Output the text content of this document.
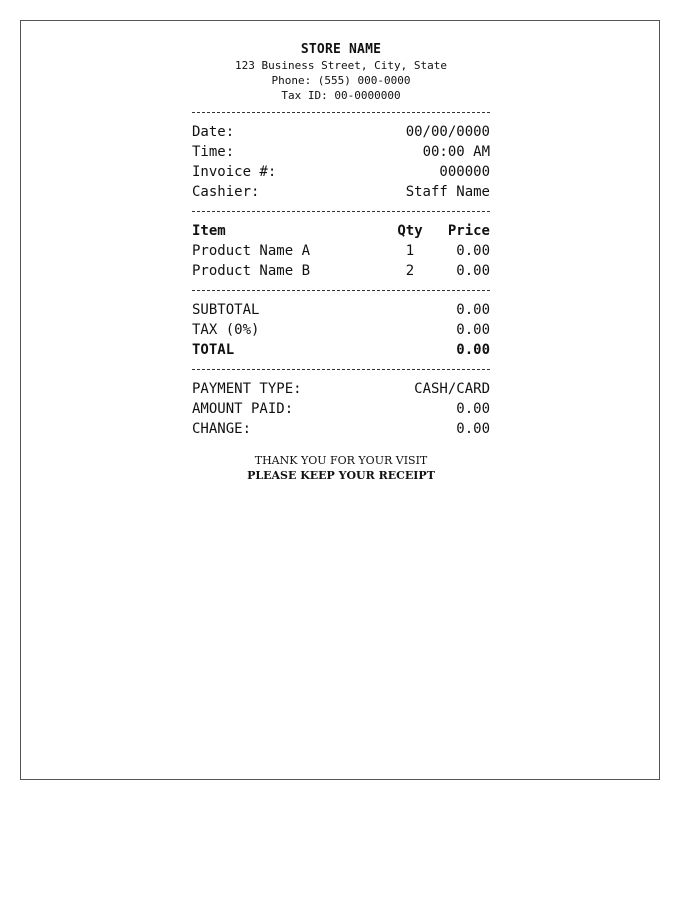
STORE NAME
123 Business Street, City, State
Phone: (555) 000-0000
Tax ID: 00-0000000
Date:	00/00/0000
Time:	00:00 AM
Invoice #:	000000
Cashier:	Staff Name
Item	Qty	Price
Product Name A	1	0.00
Product Name B	2	0.00
SUBTOTAL	0.00
TAX (0%)	0.00
TOTAL	0.00
PAYMENT TYPE:	CASH/CARD
AMOUNT PAID:	0.00
CHANGE:	0.00
THANK YOU FOR YOUR VISIT
PLEASE KEEP YOUR RECEIPT
